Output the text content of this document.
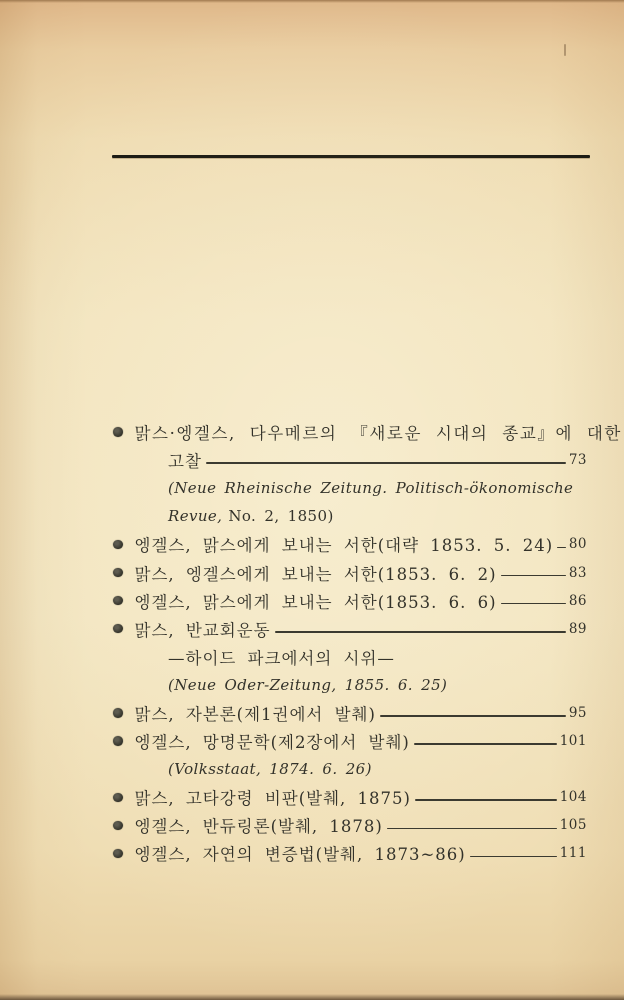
맑스·엥겔스, 다우메르의 『새로운 시대의 종교』에 대한
고찰	73
(Neue Rheinische Zeitung. Politisch-ökonomische
Revue, No. 2, 1850)
엥겔스, 맑스에게 보내는 서한(대략 1853. 5. 24) 80
맑스, 엥겔스에게 보내는 서한(1853. 6. 2)	83
엥겔스, 맑스에게 보내는 서한(1853. 6. 6)	86
맑스, 반교회운동	89
—하이드 파크에서의 시위—
(Neue Oder-Zeitung, 1855. 6. 25)
맑스, 자본론(제1권에서 발췌)	95
엥겔스, 망명문학(제2장에서 발췌)	101
(Volksstaat, 1874. 6. 26)
맑스, 고타강령 비판(발췌, 1875)	104
엥겔스, 반듀링론(발췌, 1878)	105
엥겔스, 자연의 변증법(발췌, 1873~86)	111
